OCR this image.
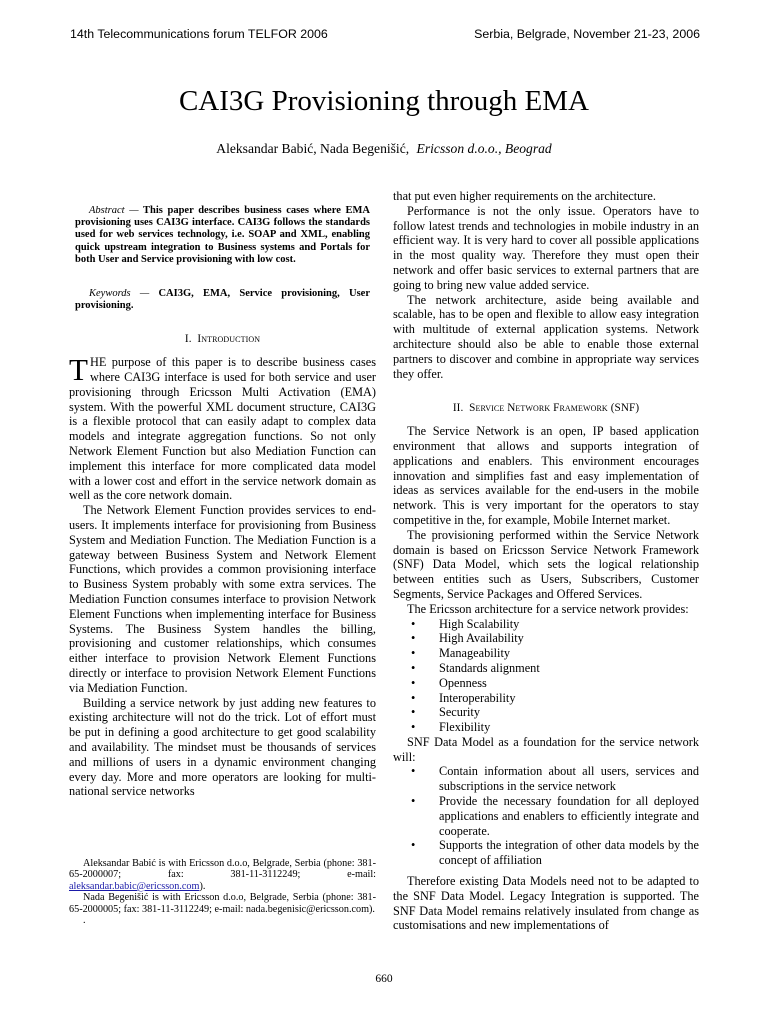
14th Telecommunications forum TELFOR 2006	Serbia, Belgrade, November 21-23, 2006
CAI3G Provisioning through EMA
Aleksandar Babić, Nada Begenišić, Ericsson d.o.o., Beograd

Abstract — This paper describes business cases where EMA provisioning uses CAI3G interface. CAI3G follows the standards used for web services technology, i.e. SOAP and XML, enabling quick upstream integration to Business systems and Portals for both User and Service provisioning with low cost.

Keywords — CAI3G, EMA, Service provisioning, User provisioning.

I. Introduction

THE purpose of this paper is to describe business cases where CAI3G interface is used for both service and user provisioning through Ericsson Multi Activation (EMA) system. With the powerful XML document structure, CAI3G is a flexible protocol that can easily adapt to complex data models and integrate aggregation functions. So not only Network Element Function but also Mediation Function can implement this interface for more complicated data model with a lower cost and effort in the service network domain as well as the core network domain.

The Network Element Function provides services to end-users. It implements interface for provisioning from Business System and Mediation Function. The Mediation Function is a gateway between Business System and Network Element Functions, which provides a common provisioning interface to Business System probably with some extra services. The Mediation Function consumes interface to provision Network Element Functions when implementing interface for Business Systems. The Business System handles the billing, provisioning and customer relationships, which consumes either interface to provision Network Element Functions directly or interface to provision Network Element Functions via Mediation Function.

Building a service network by just adding new features to existing architecture will not do the trick. Lot of effort must be put in defining a good architecture to get good scalability and availability. The mindset must be thousands of services and millions of users in a dynamic environment changing every day. More and more operators are looking for multi-national service networks

Aleksandar Babić is with Ericsson d.o.o, Belgrade, Serbia (phone: 381-65-2000007; fax: 381-11-3112249; e-mail: aleksandar.babic@ericsson.com).

Nada Begenišić is with Ericsson d.o.o, Belgrade, Serbia (phone: 381-65-2000005; fax: 381-11-3112249; e-mail: nada.begenisic@ericsson.com).

.

that put even higher requirements on the architecture.

Performance is not the only issue. Operators have to follow latest trends and technologies in mobile industry in an efficient way. It is very hard to cover all possible applications in the most quality way. Therefore they must open their network and offer basic services to external partners that are going to bring new value added service.

The network architecture, aside being available and scalable, has to be open and flexible to allow easy integration with multitude of external application systems. Network architecture should also be able to enable those external partners to discover and combine in appropriate way services they offer.

II. Service Network Framework (SNF)

The Service Network is an open, IP based application environment that allows and supports integration of applications and enablers. This environment encourages innovation and simplifies fast and easy implementation of ideas as services available for the end-users in the mobile network. This is very important for the operators to stay competitive in the, for example, Mobile Internet market.

The provisioning performed within the Service Network domain is based on Ericsson Service Network Framework (SNF) Data Model, which sets the logical relationship between entities such as Users, Subscribers, Customer Segments, Service Packages and Offered Services.

The Ericsson architecture for a service network provides:

• High Scalability
• High Availability
• Manageability
• Standards alignment
• Openness
• Interoperability
• Security
• Flexibility

SNF Data Model as a foundation for the service network will:

• Contain information about all users, services and subscriptions in the service network
• Provide the necessary foundation for all deployed applications and enablers to efficiently integrate and cooperate.
• Supports the integration of other data models by the concept of affiliation

Therefore existing Data Models need not to be adapted to the SNF Data Model. Legacy Integration is supported. The SNF Data Model remains relatively insulated from change as customisations and new implementations of

660
